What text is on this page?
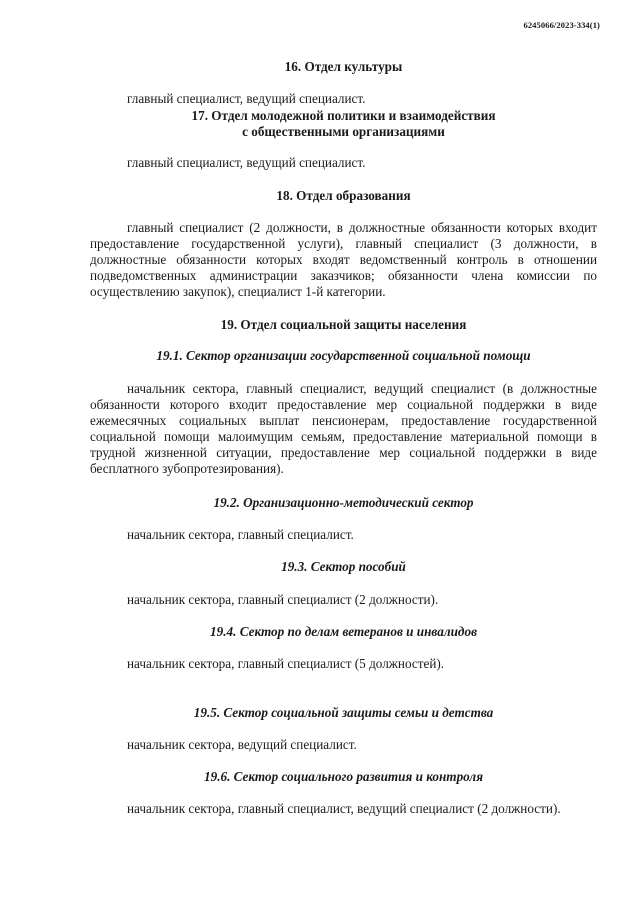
6245066/2023-334(1)
16. Отдел культуры
главный специалист, ведущий специалист.
17. Отдел молодежной политики и взаимодействия
с общественными организациями
главный специалист, ведущий специалист.
18. Отдел образования
главный специалист (2 должности, в должностные обязанности которых входит предоставление государственной услуги), главный специалист (3 должности, в должностные обязанности которых входят ведомственный контроль в отношении подведомственных администрации заказчиков; обязанности члена комиссии по осуществлению закупок), специалист 1-й категории.
19. Отдел социальной защиты населения
19.1. Сектор организации государственной социальной помощи
начальник сектора, главный специалист, ведущий специалист (в должностные обязанности которого входит предоставление мер социальной поддержки в виде ежемесячных социальных выплат пенсионерам, предоставление государственной социальной помощи малоимущим семьям, предоставление материальной помощи в трудной жизненной ситуации, предоставление мер социальной поддержки в виде бесплатного зубопротезирования).
19.2. Организационно-методический сектор
начальник сектора, главный специалист.
19.3. Сектор пособий
начальник сектора, главный специалист (2 должности).
19.4. Сектор по делам ветеранов и инвалидов
начальник сектора, главный специалист (5 должностей).
19.5. Сектор социальной защиты семьи и детства
начальник сектора, ведущий специалист.
19.6. Сектор социального развития и контроля
начальник сектора, главный специалист, ведущий специалист (2 должности).
